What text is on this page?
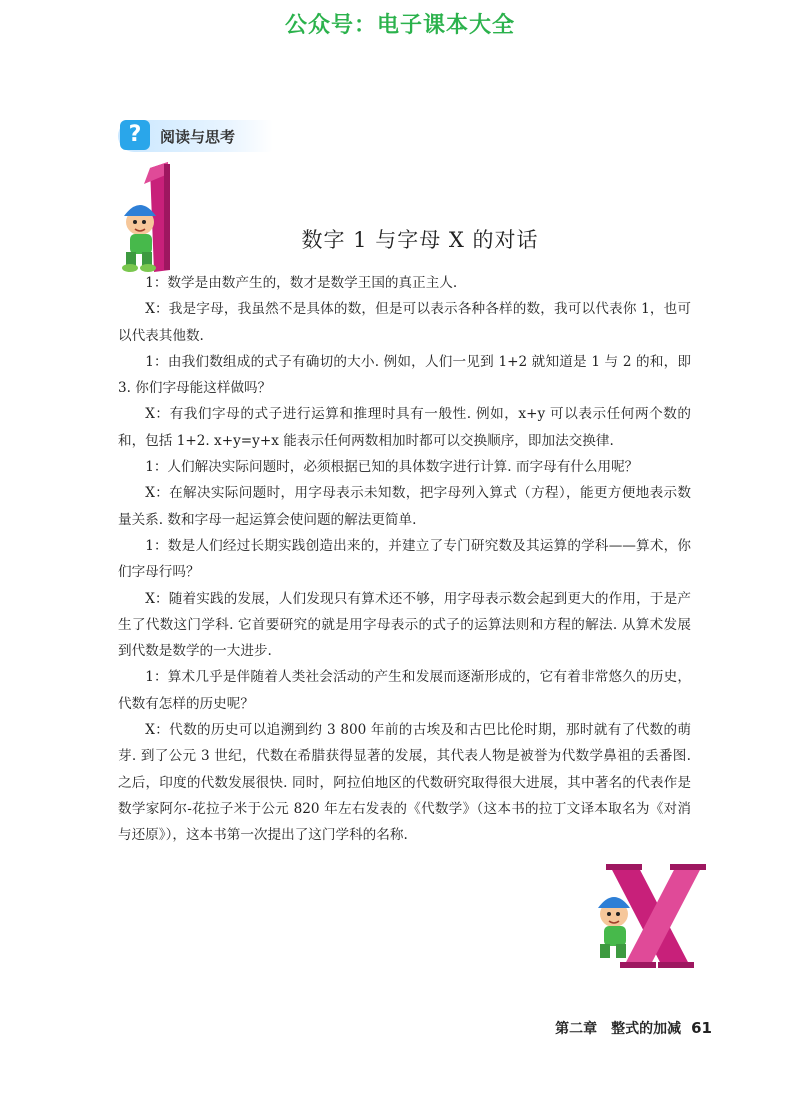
公众号：电子课本大全
?	阅读与思考
数字 1 与字母 X 的对话

1：数学是由数产生的，数才是数学王国的真正主人.

X：我是字母，我虽然不是具体的数，但是可以表示各种各样的数，我可以代表你 1，也可以代表其他数.

1：由我们数组成的式子有确切的大小. 例如，人们一见到 1+2 就知道是 1 与 2 的和，即 3. 你们字母能这样做吗？

X：有我们字母的式子进行运算和推理时具有一般性. 例如，x+y 可以表示任何两个数的和，包括 1+2. x+y=y+x 能表示任何两数相加时都可以交换顺序，即加法交换律.

1：人们解决实际问题时，必须根据已知的具体数字进行计算. 而字母有什么用呢？

X：在解决实际问题时，用字母表示未知数，把字母列入算式（方程），能更方便地表示数量关系. 数和字母一起运算会使问题的解法更简单.

1：数是人们经过长期实践创造出来的，并建立了专门研究数及其运算的学科——算术，你们字母行吗？

X：随着实践的发展，人们发现只有算术还不够，用字母表示数会起到更大的作用，于是产生了代数这门学科. 它首要研究的就是用字母表示的式子的运算法则和方程的解法. 从算术发展到代数是数学的一大进步.

1：算术几乎是伴随着人类社会活动的产生和发展而逐渐形成的，它有着非常悠久的历史，代数有怎样的历史呢？

X：代数的历史可以追溯到约 3 800 年前的古埃及和古巴比伦时期，那时就有了代数的萌芽. 到了公元 3 世纪，代数在希腊获得显著的发展，其代表人物是被誉为代数学鼻祖的丢番图. 之后，印度的代数发展很快. 同时，阿拉伯地区的代数研究取得很大进展，其中著名的代表作是数学家阿尔-花拉子米于公元 820 年左右发表的《代数学》（这本书的拉丁文译本取名为《对消与还原》），这本书第一次提出了这门学科的名称.

第二章　整式的加减 61
